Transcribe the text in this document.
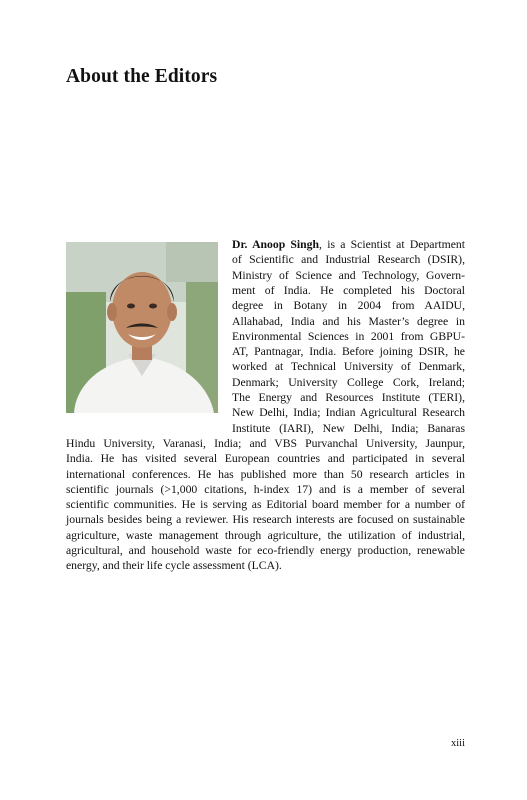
About the Editors
Dr. Anoop Singh, is a Scientist at Department
of Scientific and Industrial Research (DSIR),
Ministry of Science and Technology, Govern-
ment of India. He completed his Doctoral
degree in Botany in 2004 from AAIDU,
Allahabad, India and his Master’s degree in
Environmental Sciences in 2001 from GBPU-
AT, Pantnagar, India. Before joining DSIR, he
worked at Technical University of Denmark,
Denmark; University College Cork, Ireland;
The Energy and Resources Institute (TERI),
New Delhi, India; Indian Agricultural Research
Institute (IARI), New Delhi, India; Banaras
Hindu University, Varanasi, India; and VBS Purvanchal University, Jaunpur,
India. He has visited several European countries and participated in several
international conferences. He has published more than 50 research articles in
scientific journals (>1,000 citations, h-index 17) and is a member of several
scientific communities. He is serving as Editorial board member for a number of
journals besides being a reviewer. His research interests are focused on sustainable
agriculture, waste management through agriculture, the utilization of industrial,
agricultural, and household waste for eco-friendly energy production, renewable
energy, and their life cycle assessment (LCA).
xiii
